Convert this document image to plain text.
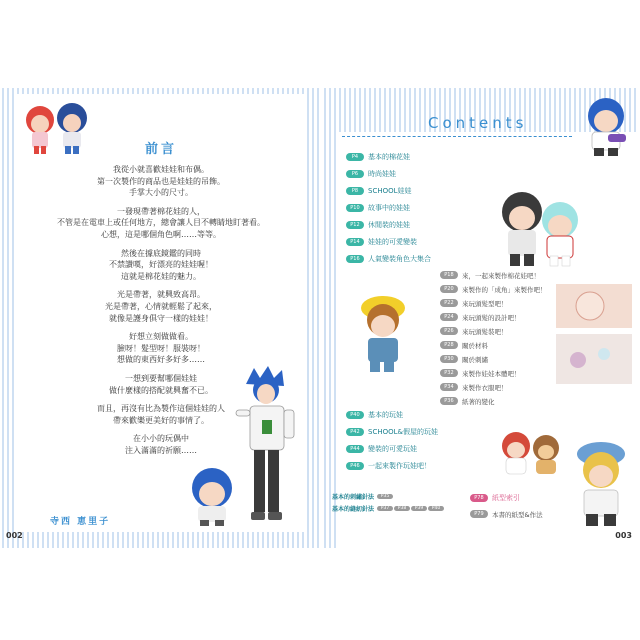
前言
我從小就喜歡娃娃和布偶。
第一次製作的商品也是娃娃的吊飾。
手掌大小的尺寸。
一發現帶著棉花娃的人，
不管是在電車上或任何地方，總會讓人目不轉睛地盯著看。
心想，這是哪個角色啊……等等。
然後在據底鏡鑑的同時
不禁讚嘆，好漂亮的娃娃喔！
這就是棉花娃的魅力。
光是帶著，就興致高昂。
光是帶著，心情就輕鬆了起來，
就像是護身俱守一樣的娃娃！
好想立刻做做看。
臉呀！髮型呀！服裝呀！
想做的東西好多好多……
一想到要幫哪個娃娃
做什麼樣的搭配就興奮不已。
而且，再沒有比為製作這個娃娃的人
帶來歡樂更美好的事情了。
在小小的玩偶中
注入滿滿的祈願……
寺西 恵里子
002
Contents
P4	基本的棉花娃
P6	時尚娃娃
P8	SCHOOL娃娃
P10	故事中的娃娃
P12	休閒裝的娃娃
P14	娃娃的可愛變裝
P16	人氣變裝角色大集合
P18	來，一起來製作棉花娃吧！
P20	來製作的「成角」來製作吧！
P22	來玩頭髮型吧！
P24	來玩頭髮的設計吧！
P26	來玩頭髮裝吧！
P28	關於材料
P30	關於刺繡
P32	來製作娃娃本體吧！
P34	來製作衣服吧！
P36	紙著的變化
P40	基本的玩娃
P42	SCHOOL&假屋的玩娃
P44	變裝的可愛玩娃
P46	一起來製作玩娃吧！
基本的刺繡針法	P35
基本的縫紉針法	P37	P38	P39	P40
P78	紙型索引
P79	本書的紙型&作法
003
